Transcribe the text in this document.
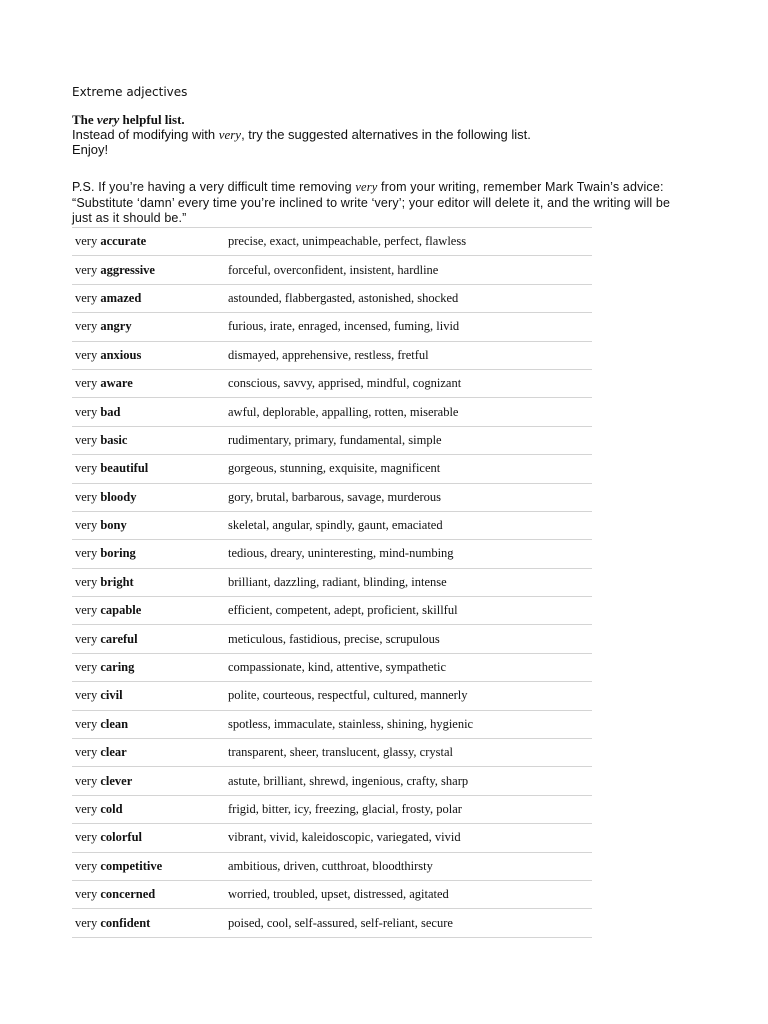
Extreme adjectives
The very helpful list.
Instead of modifying with very, try the suggested alternatives in the following list.
Enjoy!
P.S. If you’re having a very difficult time removing very from your writing, remember Mark Twain’s advice: “Substitute ‘damn’ every time you’re inclined to write ‘very’; your editor will delete it, and the writing will be just as it should be.”
very accurate	precise, exact, unimpeachable, perfect, flawless
very aggressive	forceful, overconfident, insistent, hardline
very amazed	astounded, flabbergasted, astonished, shocked
very angry	furious, irate, enraged, incensed, fuming, livid
very anxious	dismayed, apprehensive, restless, fretful
very aware	conscious, savvy, apprised, mindful, cognizant
very bad	awful, deplorable, appalling, rotten, miserable
very basic	rudimentary, primary, fundamental, simple
very beautiful	gorgeous, stunning, exquisite, magnificent
very bloody	gory, brutal, barbarous, savage, murderous
very bony	skeletal, angular, spindly, gaunt, emaciated
very boring	tedious, dreary, uninteresting, mind-numbing
very bright	brilliant, dazzling, radiant, blinding, intense
very capable	efficient, competent, adept, proficient, skillful
very careful	meticulous, fastidious, precise, scrupulous
very caring	compassionate, kind, attentive, sympathetic
very civil	polite, courteous, respectful, cultured, mannerly
very clean	spotless, immaculate, stainless, shining, hygienic
very clear	transparent, sheer, translucent, glassy, crystal
very clever	astute, brilliant, shrewd, ingenious, crafty, sharp
very cold	frigid, bitter, icy, freezing, glacial, frosty, polar
very colorful	vibrant, vivid, kaleidoscopic, variegated, vivid
very competitive	ambitious, driven, cutthroat, bloodthirsty
very concerned	worried, troubled, upset, distressed, agitated
very confident	poised, cool, self-assured, self-reliant, secure
